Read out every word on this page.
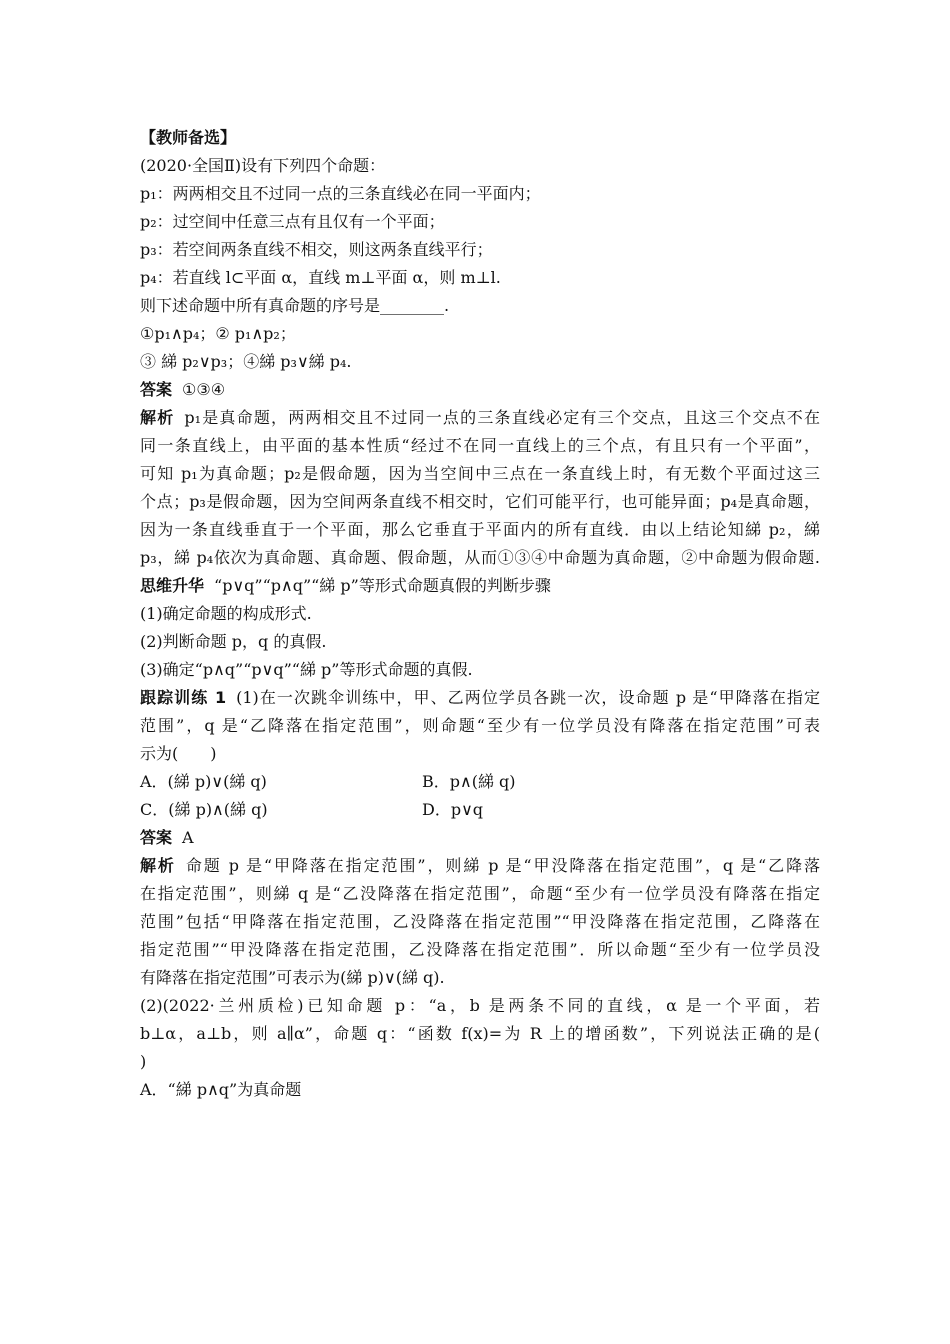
【教师备选】
(2020·全国Ⅱ)设有下列四个命题：
p₁：两两相交且不过同一点的三条直线必在同一平面内；
p₂：过空间中任意三点有且仅有一个平面；
p₃：若空间两条直线不相交，则这两条直线平行；
p₄：若直线 l⊂平面 α，直线 m⊥平面 α，则 m⊥l.
则下述命题中所有真命题的序号是________.
①p₁∧p₄；② p₁∧p₂；
③ 綈 p₂∨p₃；④綈 p₃∨綈 p₄.
答案 ①③④
解析 p₁是真命题，两两相交且不过同一点的三条直线必定有三个交点，且这三个交点不在
同一条直线上，由平面的基本性质“经过不在同一直线上的三个点，有且只有一个平面”，
可知 p₁为真命题；p₂是假命题，因为当空间中三点在一条直线上时，有无数个平面过这三
个点；p₃是假命题，因为空间两条直线不相交时，它们可能平行，也可能异面；p₄是真命题，
因为一条直线垂直于一个平面，那么它垂直于平面内的所有直线．由以上结论知綈 p₂，綈
p₃，綈 p₄依次为真命题、真命题、假命题，从而①③④中命题为真命题，②中命题为假命题.
思维升华 “p∨q”“p∧q”“綈 p”等形式命题真假的判断步骤
(1)确定命题的构成形式.
(2)判断命题 p，q 的真假.
(3)确定“p∧q”“p∨q”“綈 p”等形式命题的真假.
跟踪训练 1 (1)在一次跳伞训练中，甲、乙两位学员各跳一次，设命题 p 是“甲降落在指定
范围”，q 是“乙降落在指定范围”，则命题“至少有一位学员没有降落在指定范围”可表
示为(　　)
A．(綈 p)∨(綈 q)	B．p∧(綈 q)
C．(綈 p)∧(綈 q)	D．p∨q
答案 A
解析 命题 p 是“甲降落在指定范围”，则綈 p 是“甲没降落在指定范围”，q 是“乙降落
在指定范围”，则綈 q 是“乙没降落在指定范围”，命题“至少有一位学员没有降落在指定
范围”包括“甲降落在指定范围，乙没降落在指定范围”“甲没降落在指定范围，乙降落在
指定范围”“甲没降落在指定范围，乙没降落在指定范围”．所以命题“至少有一位学员没
有降落在指定范围”可表示为(綈 p)∨(綈 q).
(2)(2022·兰州质检)已知命题 p：“a，b 是两条不同的直线，α 是一个平面，若
b⊥α，a⊥b，则 a∥α”，命题 q：“函数 f(x)=为 R 上的增函数”，下列说法正确的是(
)
A．“綈 p∧q”为真命题
